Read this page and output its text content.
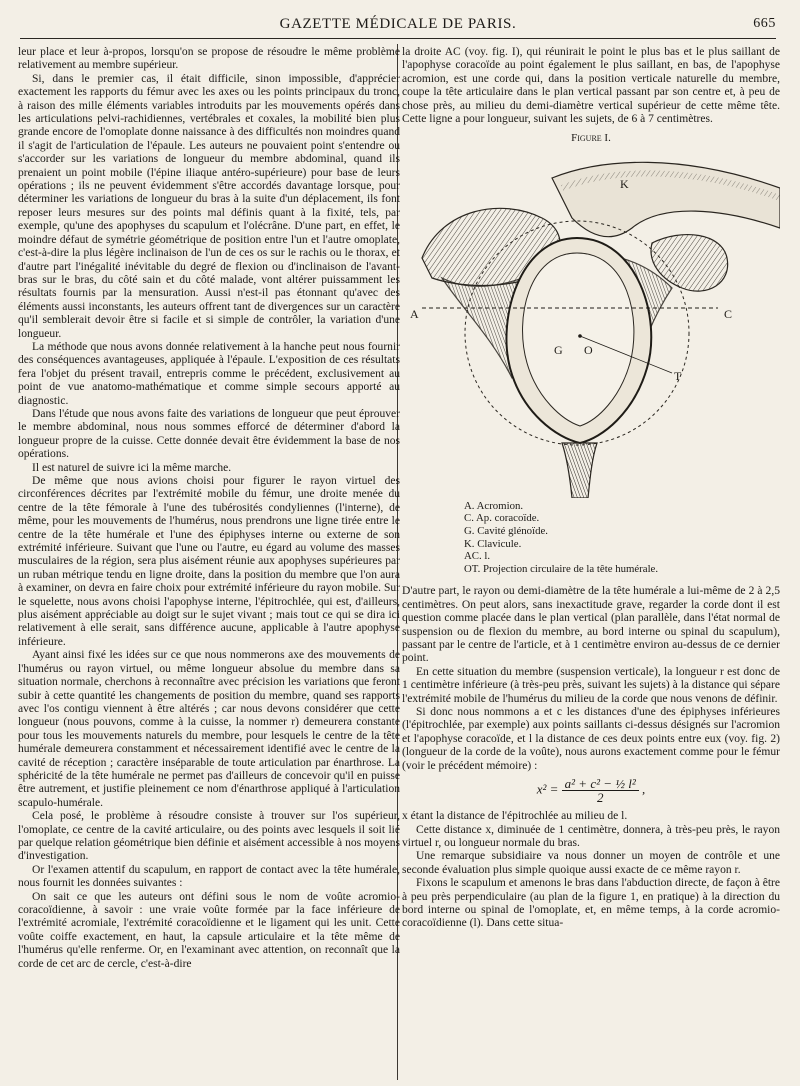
GAZETTE MÉDICALE DE PARIS.	665

leur place et leur à-propos, lorsqu'on se propose de résoudre le même problème relativement au membre supérieur.

Si, dans le premier cas, il était difficile, sinon impossible, d'apprécier exactement les rapports du fémur avec les axes ou les points principaux du tronc, à raison des mille éléments variables introduits par les mouvements opérés dans les articulations pelvi-rachidiennes, vertébrales et coxales, la mobilité bien plus grande encore de l'omoplate donne naissance à des difficultés non moindres quand il s'agit de l'articulation de l'épaule. Les auteurs ne pouvaient point s'entendre ou s'accorder sur les variations de longueur du membre abdominal, quand ils prenaient un point mobile (l'épine iliaque antéro-supérieure) pour base de leurs opérations ; ils ne peuvent évidemment s'être accordés davantage lorsque, pour déterminer les variations de longueur du bras à la suite d'un déplacement, ils font reposer leurs mesures sur des points mal définis quant à la fixité, tels, par exemple, qu'une des apophyses du scapulum et l'olécrâne. D'une part, en effet, le moindre défaut de symétrie géométrique de position entre l'un et l'autre omoplate, c'est-à-dire la plus légère inclinaison de l'un de ces os sur le rachis ou le thorax, et d'autre part l'inégalité inévitable du degré de flexion ou d'inclinaison de l'avant-bras sur le bras, du côté sain et du côté malade, vont altérer puissamment les résultats fournis par la mensuration. Aussi n'est-il pas étonnant qu'avec des éléments aussi inconstants, les auteurs offrent tant de divergences sur un caractère qu'il semblerait devoir être si facile et si simple de contrôler, la variation d'une longueur.

La méthode que nous avons donnée relativement à la hanche peut nous fournir des conséquences avantageuses, appliquée à l'épaule. L'exposition de ces résultats fera l'objet du présent travail, entrepris comme le précédent, exclusivement au point de vue anatomo-mathématique et comme simple secours apporté au diagnostic.

Dans l'étude que nous avons faite des variations de longueur que peut éprouver le membre abdominal, nous nous sommes efforcé de déterminer d'abord la longueur propre de la cuisse. Cette donnée devait être évidemment la base de nos opérations.

Il est naturel de suivre ici la même marche.

De même que nous avions choisi pour figurer le rayon virtuel des circonférences décrites par l'extrémité mobile du fémur, une droite menée du centre de la tête fémorale à l'une des tubérosités condyliennes (l'interne), de même, pour les mouvements de l'humérus, nous prendrons une ligne tirée entre le centre de la tête humérale et l'une des épiphyses interne ou externe de son extrémité inférieure. Suivant que l'une ou l'autre, eu égard au volume des masses musculaires de la région, sera plus aisément réunie aux apophyses supérieures par un ruban métrique tendu en ligne droite, dans la position du membre que l'on aura à examiner, on devra en faire choix pour extrémité inférieure du rayon mobile. Sur le squelette, nous avons choisi l'apophyse interne, l'épitrochlée, qui est, d'ailleurs, plus aisément appréciable au doigt sur le sujet vivant ; mais tout ce qui se dira ici relativement à elle serait, sans différence aucune, applicable à l'autre apophyse inférieure.

Ayant ainsi fixé les idées sur ce que nous nommerons axe des mouvements de l'humérus ou rayon virtuel, ou même longueur absolue du membre dans sa situation normale, cherchons à reconnaître avec précision les variations que feront subir à cette quantité les changements de position du membre, quand ses rapports avec l'os contigu viennent à être altérés ; car nous devons considérer que cette longueur (nous pouvons, comme à la cuisse, la nommer r) demeurera constante pour tous les mouvements naturels du membre, pour lesquels le centre de la tête humérale demeurera constamment et nécessairement identifié avec le centre de la cavité de réception ; caractère inséparable de toute articulation par énarthrose. La sphéricité de la tête humérale ne permet pas d'ailleurs de concevoir qu'il en puisse être autrement, et justifie pleinement ce nom d'énarthrose appliqué à l'articulation scapulo-humérale.

Cela posé, le problème à résoudre consiste à trouver sur l'os supérieur, l'omoplate, ce centre de la cavité articulaire, ou des points avec lesquels il soit lié par quelque relation géométrique bien définie et aisément accessible à nos moyens d'investigation.

Or l'examen attentif du scapulum, en rapport de contact avec la tête humérale, nous fournit les données suivantes :

On sait ce que les auteurs ont défini sous le nom de voûte acromio-coracoïdienne, à savoir : une vraie voûte formée par la face inférieure de l'extrémité acromiale, l'extrémité coracoïdienne et le ligament qui les unit. Cette voûte coiffe exactement, en haut, la capsule articulaire et la tête même de l'humérus qu'elle renferme. Or, en l'examinant avec attention, on reconnaît que la corde de cet arc de cercle, c'est-à-dire

la droite AC (voy. fig. I), qui réunirait le point le plus bas et le plus saillant de l'apophyse coracoïde au point également le plus saillant, en bas, de l'apophyse acromion, est une corde qui, dans la position verticale naturelle du membre, coupe la tête articulaire dans le plan vertical passant par son centre et, à peu de chose près, au milieu du demi-diamètre vertical supérieur de cette même tête. Cette ligne a pour longueur, suivant les sujets, de 6 à 7 centimètres.

Figure I.
K
A	C
G O
T
A. Acromion.
C. Ap. coracoïde.
G. Cavité glénoïde.
K. Clavicule.
AC. l.
OT. Projection circulaire de la tête humérale.

D'autre part, le rayon ou demi-diamètre de la tête humérale a lui-même de 2 à 2,5 centimètres. On peut alors, sans inexactitude grave, regarder la corde dont il est question comme placée dans le plan vertical (plan parallèle, dans l'état normal de suspension ou de flexion du membre, au bord interne ou spinal du scapulum), passant par le centre de l'article, et à 1 centimètre environ au-dessus de ce dernier point.

En cette situation du membre (suspension verticale), la longueur r est donc de 1 centimètre inférieure (à très-peu près, suivant les sujets) à la distance qui sépare l'extrémité mobile de l'humérus du milieu de la corde que nous venons de définir.

Si donc nous nommons a et c les distances d'une des épiphyses inférieures (l'épitrochlée, par exemple) aux points saillants ci-dessus désignés sur l'acromion et l'apophyse coracoïde, et l la distance de ces deux points entre eux (voy. fig. 2) (longueur de la corde de la voûte), nous aurons exactement comme pour le fémur (voir le précédent mémoire) :

$x^2 = \frac{\text{a² + c² − ½ l²}}{2}$ ,

x étant la distance de l'épitrochlée au milieu de l.

Cette distance x, diminuée de 1 centimètre, donnera, à très-peu près, le rayon virtuel r, ou longueur normale du bras.

Une remarque subsidiaire va nous donner un moyen de contrôle et une seconde évaluation plus simple quoique aussi exacte de ce même rayon r.

Fixons le scapulum et amenons le bras dans l'abduction directe, de façon à être à peu près perpendiculaire (au plan de la figure 1, en pratique) à la direction du bord interne ou spinal de l'omoplate, et, en même temps, à la corde acromio-coracoïdienne (l). Dans cette situa-
